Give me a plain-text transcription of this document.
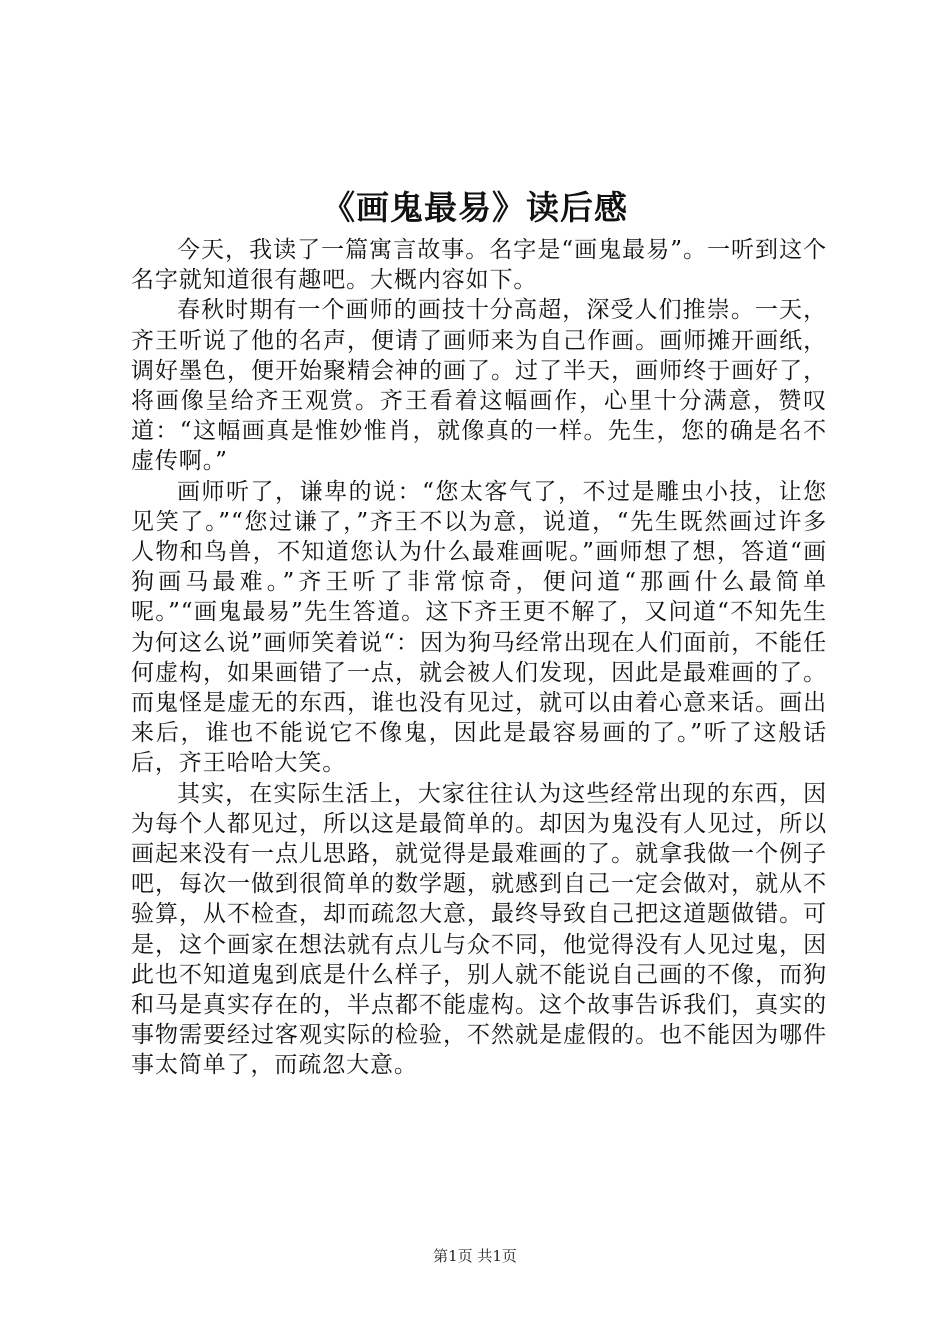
《画鬼最易》读后感

今天，我读了一篇寓言故事。名字是“画鬼最易”。一听到这个名字就知道很有趣吧。大概内容如下。

春秋时期有一个画师的画技十分高超，深受人们推崇。一天，齐王听说了他的名声，便请了画师来为自己作画。画师摊开画纸，调好墨色，便开始聚精会神的画了。过了半天，画师终于画好了，将画像呈给齐王观赏。齐王看着这幅画作，心里十分满意，赞叹道：“这幅画真是惟妙惟肖，就像真的一样。先生，您的确是名不虚传啊。”

画师听了，谦卑的说：“您太客气了，不过是雕虫小技，让您见笑了。”“您过谦了，”齐王不以为意，说道，“先生既然画过许多人物和鸟兽，不知道您认为什么最难画呢。”画师想了想，答道“画狗画马最难。”齐王听了非常惊奇，便问道“那画什么最简单呢。”“画鬼最易”先生答道。这下齐王更不解了，又问道“不知先生为何这么说”画师笑着说“：因为狗马经常出现在人们面前，不能任何虚构，如果画错了一点，就会被人们发现，因此是最难画的了。而鬼怪是虚无的东西，谁也没有见过，就可以由着心意来话。画出来后，谁也不能说它不像鬼，因此是最容易画的了。”听了这般话后，齐王哈哈大笑。

其实，在实际生活上，大家往往认为这些经常出现的东西，因为每个人都见过，所以这是最简单的。却因为鬼没有人见过，所以画起来没有一点儿思路，就觉得是最难画的了。就拿我做一个例子吧，每次一做到很简单的数学题，就感到自己一定会做对，就从不验算，从不检查，却而疏忽大意，最终导致自己把这道题做错。可是，这个画家在想法就有点儿与众不同，他觉得没有人见过鬼，因此也不知道鬼到底是什么样子，别人就不能说自己画的不像，而狗和马是真实存在的，半点都不能虚构。这个故事告诉我们，真实的事物需要经过客观实际的检验，不然就是虚假的。也不能因为哪件事太简单了，而疏忽大意。

第1页 共1页
